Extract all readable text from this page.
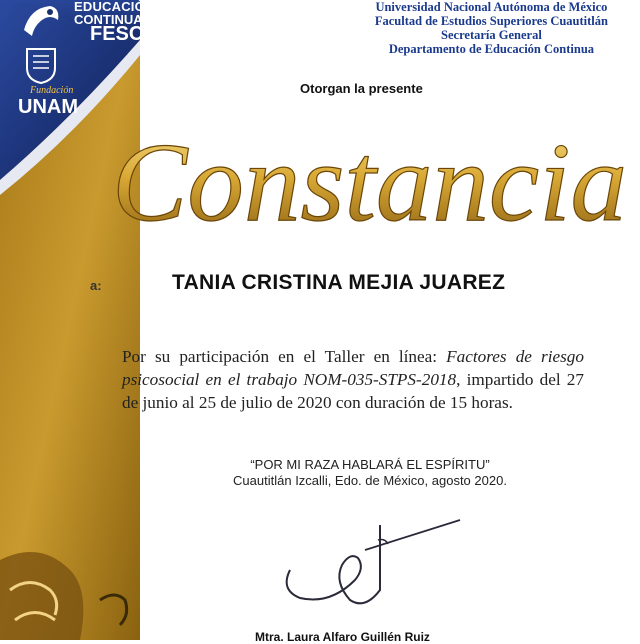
EDUCACIÓN
CONTINUA
FESC
Fundación
UNAM
Universidad Nacional Autónoma de México
Facultad de Estudios Superiores Cuautitlán
Secretaría General
Departamento de Educación Continua
Otorgan la presente
Constancia
a:	TANIA CRISTINA MEJIA JUAREZ
Por su participación en el Taller en línea: Factores de riesgo psicosocial en el trabajo NOM-035-STPS-2018, impartido del 27 de junio al 25 de julio de 2020 con duración de 15 horas.
“POR MI RAZA HABLARÁ EL ESPÍRITU”
Cuautitlán Izcalli, Edo. de México, agosto 2020.
Mtra. Laura Alfaro Guillén Ruiz
